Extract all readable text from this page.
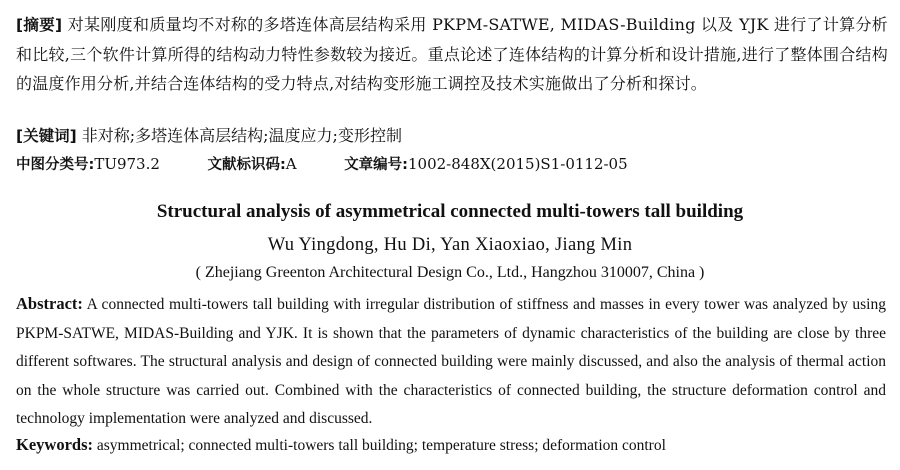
[摘要] 对某刚度和质量均不对称的多塔连体高层结构采用 PKPM-SATWE, MIDAS-Building 以及 YJK 进行了计算分析和比较,三个软件计算所得的结构动力特性参数较为接近。重点论述了连体结构的计算分析和设计措施,进行了整体围合结构的温度作用分析,并结合连体结构的受力特点,对结构变形施工调控及技术实施做出了分析和探讨。
[关键词] 非对称;多塔连体高层结构;温度应力;变形控制
中图分类号:TU973.2	文献标识码:A	文章编号:1002-848X(2015)S1-0112-05
Structural analysis of asymmetrical connected multi-towers tall building
Wu Yingdong, Hu Di, Yan Xiaoxiao, Jiang Min
( Zhejiang Greenton Architectural Design Co., Ltd., Hangzhou 310007, China )
Abstract: A connected multi-towers tall building with irregular distribution of stiffness and masses in every tower was analyzed by using PKPM-SATWE, MIDAS-Building and YJK. It is shown that the parameters of dynamic characteristics of the building are close by three different softwares. The structural analysis and design of connected building were mainly discussed, and also the analysis of thermal action on the whole structure was carried out. Combined with the characteristics of connected building, the structure deformation control and technology implementation were analyzed and discussed.
Keywords: asymmetrical; connected multi-towers tall building; temperature stress; deformation control
